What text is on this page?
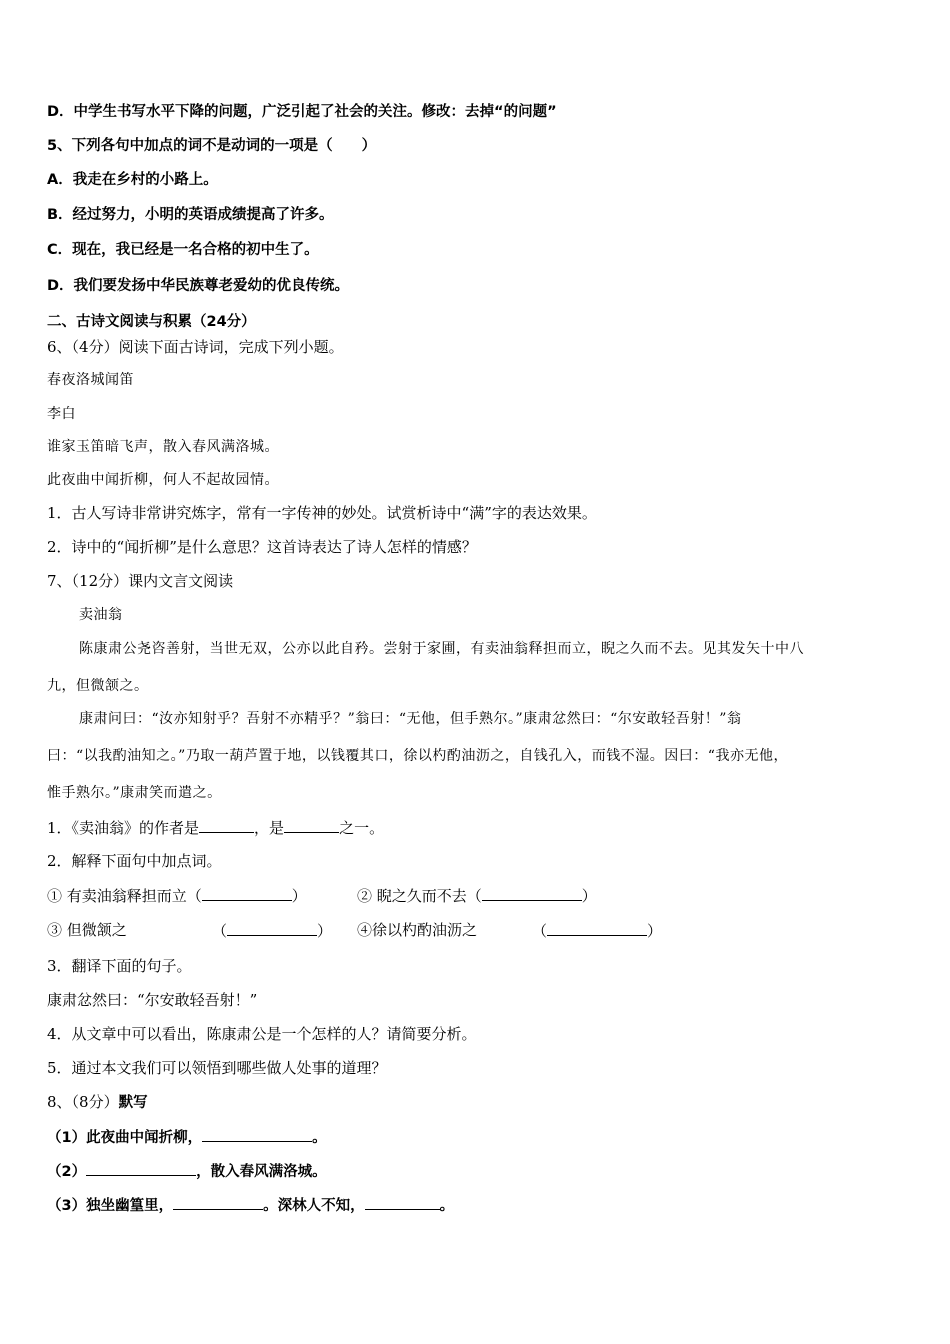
D．中学生书写水平下降的问题，广泛引起了社会的关注。修改：去掉“的问题”
5、下列各句中加点的词不是动词的一项是（　　）
A．我走在乡村的小路上。
B．经过努力，小明的英语成绩提高了许多。
C．现在，我已经是一名合格的初中生了。
D．我们要发扬中华民族尊老爱幼的优良传统。
二、古诗文阅读与积累（24分）
6、（4分）阅读下面古诗词，完成下列小题。
春夜洛城闻笛
李白
谁家玉笛暗飞声，散入春风满洛城。
此夜曲中闻折柳，何人不起故园情。
1．古人写诗非常讲究炼字，常有一字传神的妙处。试赏析诗中“满”字的表达效果。
2．诗中的“闻折柳”是什么意思？这首诗表达了诗人怎样的情感？
7、（12分）课内文言文阅读
卖油翁
陈康肃公尧咨善射，当世无双，公亦以此自矜。尝射于家圃，有卖油翁释担而立，睨之久而不去。见其发矢十中八
九，但微颔之。
康肃问曰：“汝亦知射乎？吾射不亦精乎？”翁曰：“无他，但手熟尔。”康肃忿然曰：“尔安敢轻吾射！”翁
曰：“以我酌油知之。”乃取一葫芦置于地，以钱覆其口，徐以杓酌油沥之，自钱孔入，而钱不湿。因曰：“我亦无他，
惟手熟尔。”康肃笑而遣之。
1．《卖油翁》的作者是	，是	之一。
2．解释下面句中加点词。
① 有卖油翁释担而立（	）	② 睨之久而不去（	）
③ 但微颔之	（	） ④徐以杓酌油沥之	（	）
3．翻译下面的句子。
康肃忿然曰：“尔安敢轻吾射！”
4．从文章中可以看出，陈康肃公是一个怎样的人？请简要分析。
5．通过本文我们可以领悟到哪些做人处事的道理？
8、（8分）默写
（1）此夜曲中闻折柳，	。
（2）	，散入春风满洛城。
（3）独坐幽篁里，	。深林人不知，	。
